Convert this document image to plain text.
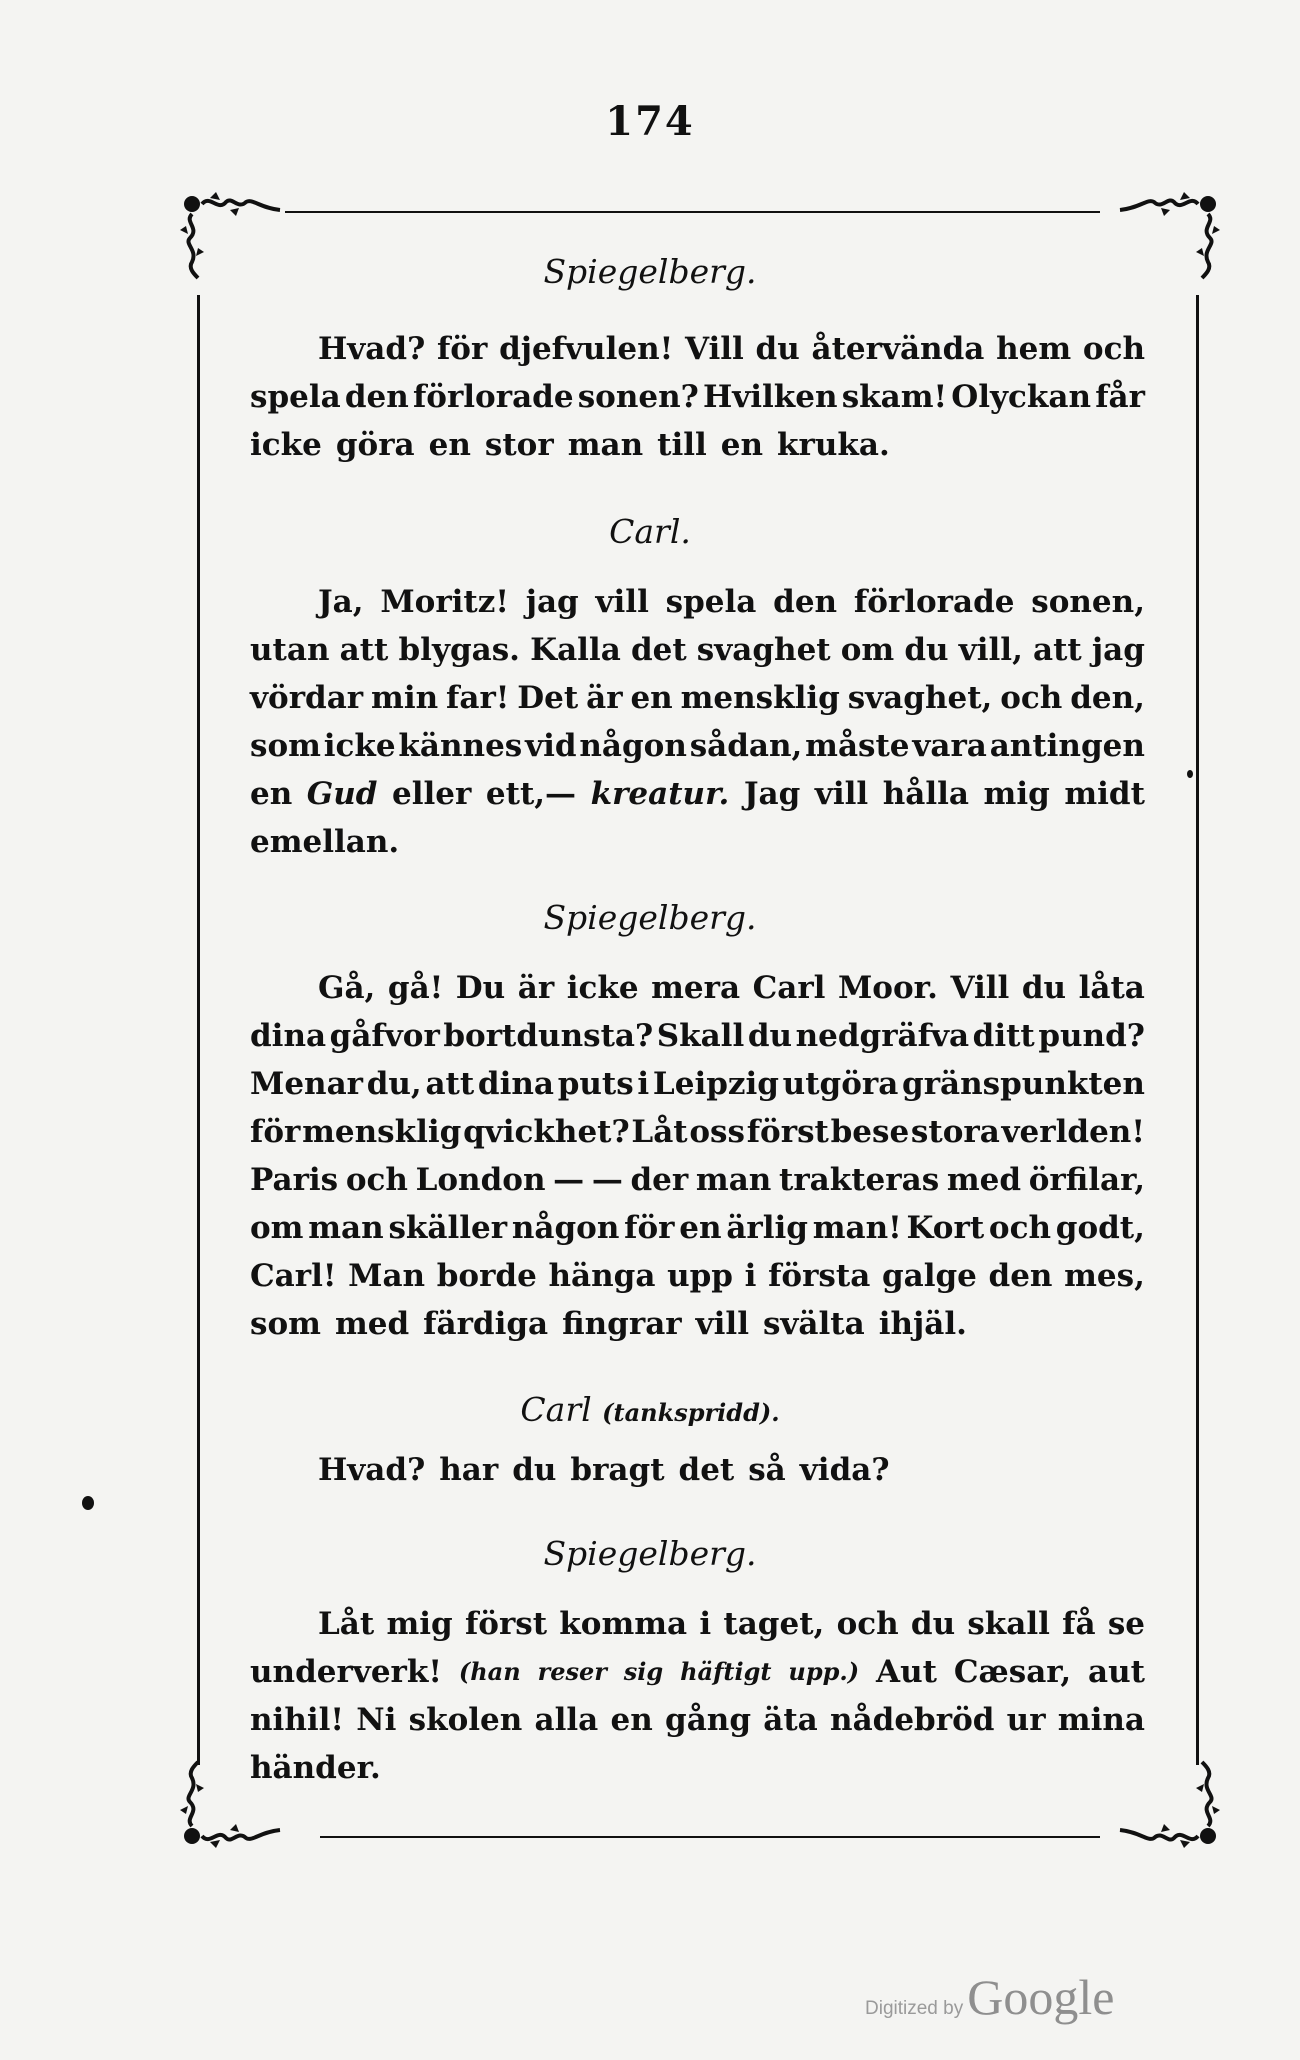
174
Spiegelberg.
Hvad? för djefvulen! Vill du återvända hem och
spela den förlorade sonen? Hvilken skam! Olyckan får
icke göra en stor man till en kruka.
Carl.
Ja, Moritz! jag vill spela den förlorade sonen,
utan att blygas. Kalla det svaghet om du vill, att jag
vördar min far! Det är en mensklig svaghet, och den,
som icke kännes vid någon sådan, måste vara antingen
en Gud eller ett,— kreatur. Jag vill hålla mig midt
emellan.
Spiegelberg.
Gå, gå! Du är icke mera Carl Moor. Vill du låta
dina gåfvor bortdunsta? Skall du nedgräfva ditt pund?
Menar du, att dina puts i Leipzig utgöra gränspunkten
för mensklig qvickhet? Låt oss först bese stora verlden!
Paris och London — — der man trakteras med örfilar,
om man skäller någon för en ärlig man! Kort och godt,
Carl! Man borde hänga upp i första galge den mes,
som med färdiga fingrar vill svälta ihjäl.
Carl (tankspridd).
Hvad? har du bragt det så vida?
Spiegelberg.
Låt mig först komma i taget, och du skall få se
underverk! (han reser sig häftigt upp.) Aut Cæsar, aut
nihil! Ni skolen alla en gång äta nådebröd ur mina
händer.
Digitized byGoogle
